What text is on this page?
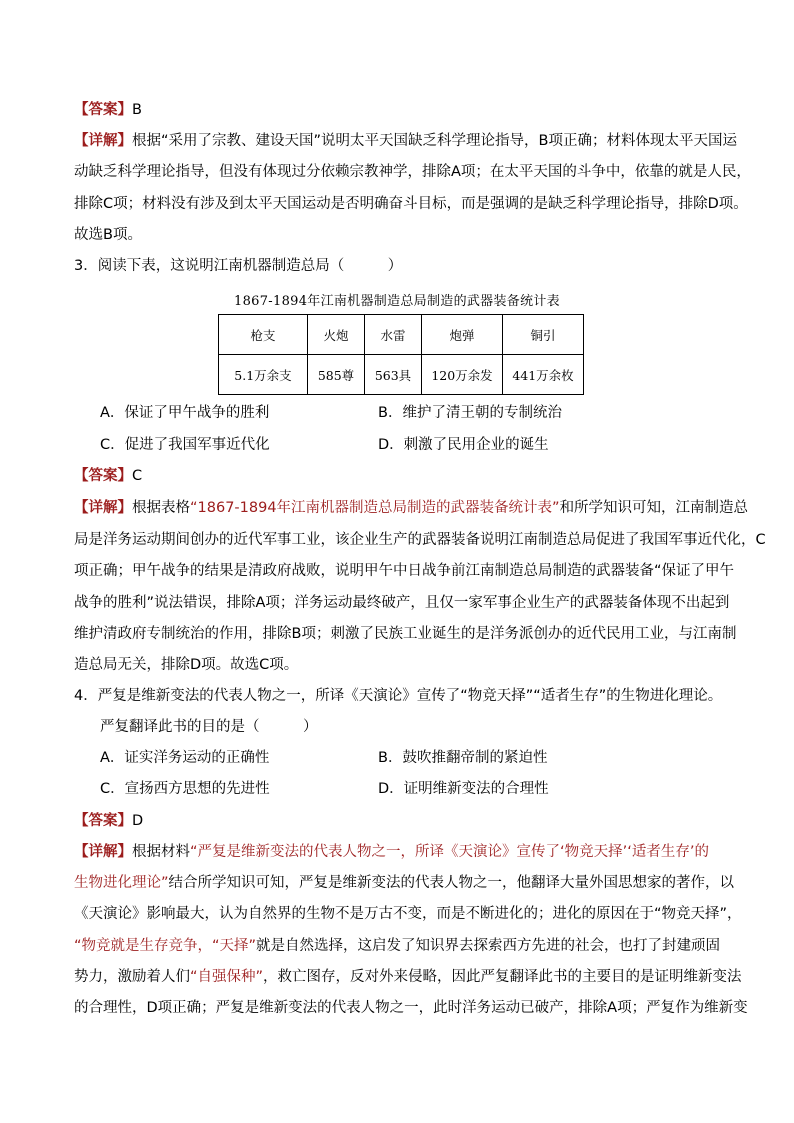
【答案】B
【详解】根据“采用了宗教、建设天国”说明太平天国缺乏科学理论指导，B项正确；材料体现太平天国运
动缺乏科学理论指导，但没有体现过分依赖宗教神学，排除A项；在太平天国的斗争中，依靠的就是人民，
排除C项；材料没有涉及到太平天国运动是否明确奋斗目标，而是强调的是缺乏科学理论指导，排除D项。
故选B项。
3．阅读下表，这说明江南机器制造总局（　　　）
1867-1894年江南机器制造总局制造的武器装备统计表
枪支	火炮	水雷	炮弹	铜引
5.1万余支	585尊	563具	120万余发	441万余枚
A．保证了甲午战争的胜利	B．维护了清王朝的专制统治
C．促进了我国军事近代化	D．刺激了民用企业的诞生
【答案】C
【详解】根据表格“1867-1894年江南机器制造总局制造的武器装备统计表”和所学知识可知，江南制造总
局是洋务运动期间创办的近代军事工业，该企业生产的武器装备说明江南制造总局促进了我国军事近代化，C
项正确；甲午战争的结果是清政府战败，说明甲午中日战争前江南制造总局制造的武器装备“保证了甲午
战争的胜利”说法错误，排除A项；洋务运动最终破产，且仅一家军事企业生产的武器装备体现不出起到
维护清政府专制统治的作用，排除B项；刺激了民族工业诞生的是洋务派创办的近代民用工业，与江南制
造总局无关，排除D项。故选C项。
4．严复是维新变法的代表人物之一，所译《天演论》宣传了“物竞天择”“适者生存”的生物进化理论。
严复翻译此书的目的是（　　　）
A．证实洋务运动的正确性	B．鼓吹推翻帝制的紧迫性
C．宣扬西方思想的先进性	D．证明维新变法的合理性
【答案】D
【详解】根据材料“严复是维新变法的代表人物之一，所译《天演论》宣传了‘物竞天择’‘适者生存’的
生物进化理论”结合所学知识可知，严复是维新变法的代表人物之一，他翻译大量外国思想家的著作，以
《天演论》影响最大，认为自然界的生物不是万古不变，而是不断进化的；进化的原因在于“物竞天择”，
“物竞就是生存竞争，“天择”就是自然选择，这启发了知识界去探索西方先进的社会，也打了封建顽固
势力，激励着人们“自强保种”，救亡图存，反对外来侵略，因此严复翻译此书的主要目的是证明维新变法
的合理性，D项正确；严复是维新变法的代表人物之一，此时洋务运动已破产，排除A项；严复作为维新变
